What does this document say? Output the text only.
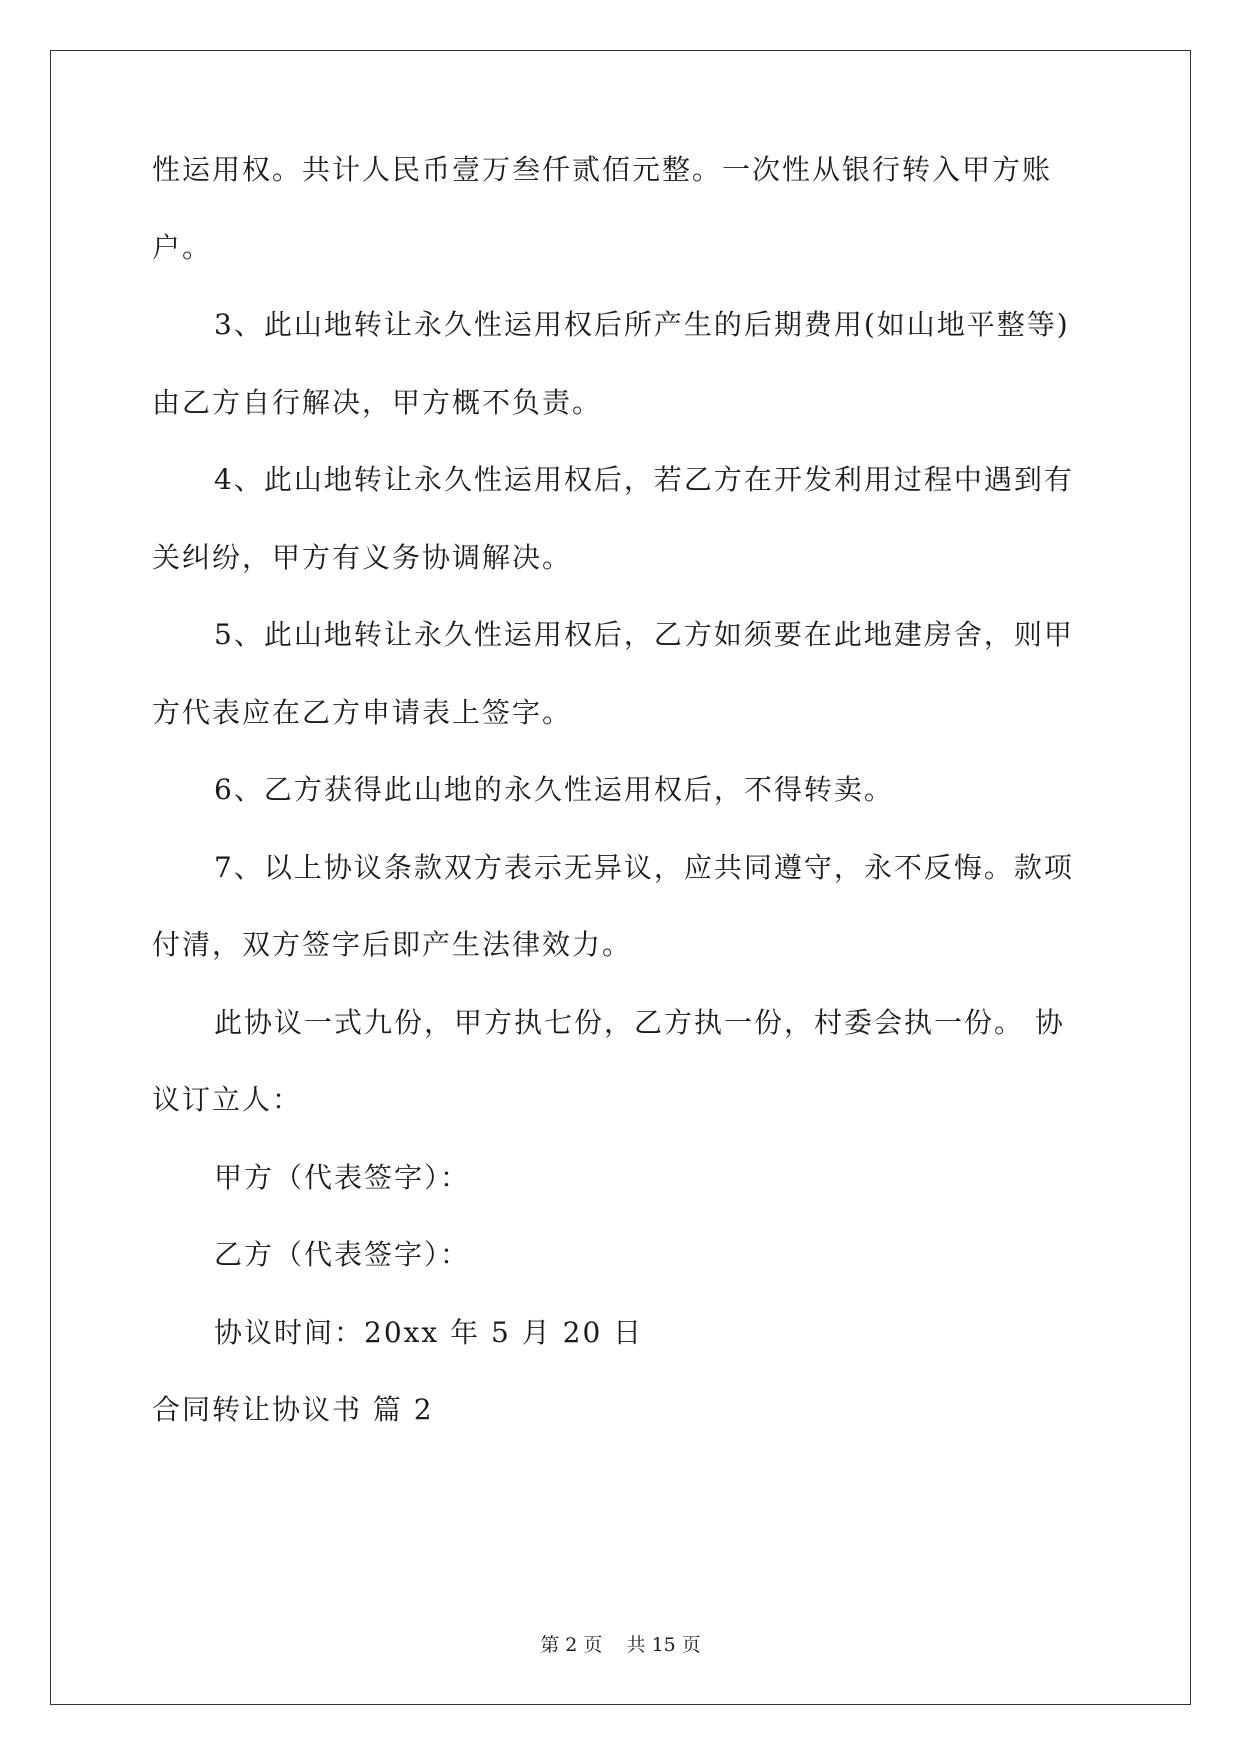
性运用权。共计人民币壹万叁仟贰佰元整。一次性从银行转入甲方账
户。
3、此山地转让永久性运用权后所产生的后期费用(如山地平整等)
由乙方自行解决，甲方概不负责。
4、此山地转让永久性运用权后，若乙方在开发利用过程中遇到有
关纠纷，甲方有义务协调解决。
5、此山地转让永久性运用权后，乙方如须要在此地建房舍，则甲
方代表应在乙方申请表上签字。
6、乙方获得此山地的永久性运用权后，不得转卖。
7、以上协议条款双方表示无异议，应共同遵守，永不反悔。款项
付清，双方签字后即产生法律效力。
此协议一式九份，甲方执七份，乙方执一份，村委会执一份。 协
议订立人：
甲方（代表签字）：
乙方（代表签字）：
协议时间：20xx 年 5 月 20 日
合同转让协议书 篇 2
第 2 页    共 15 页
